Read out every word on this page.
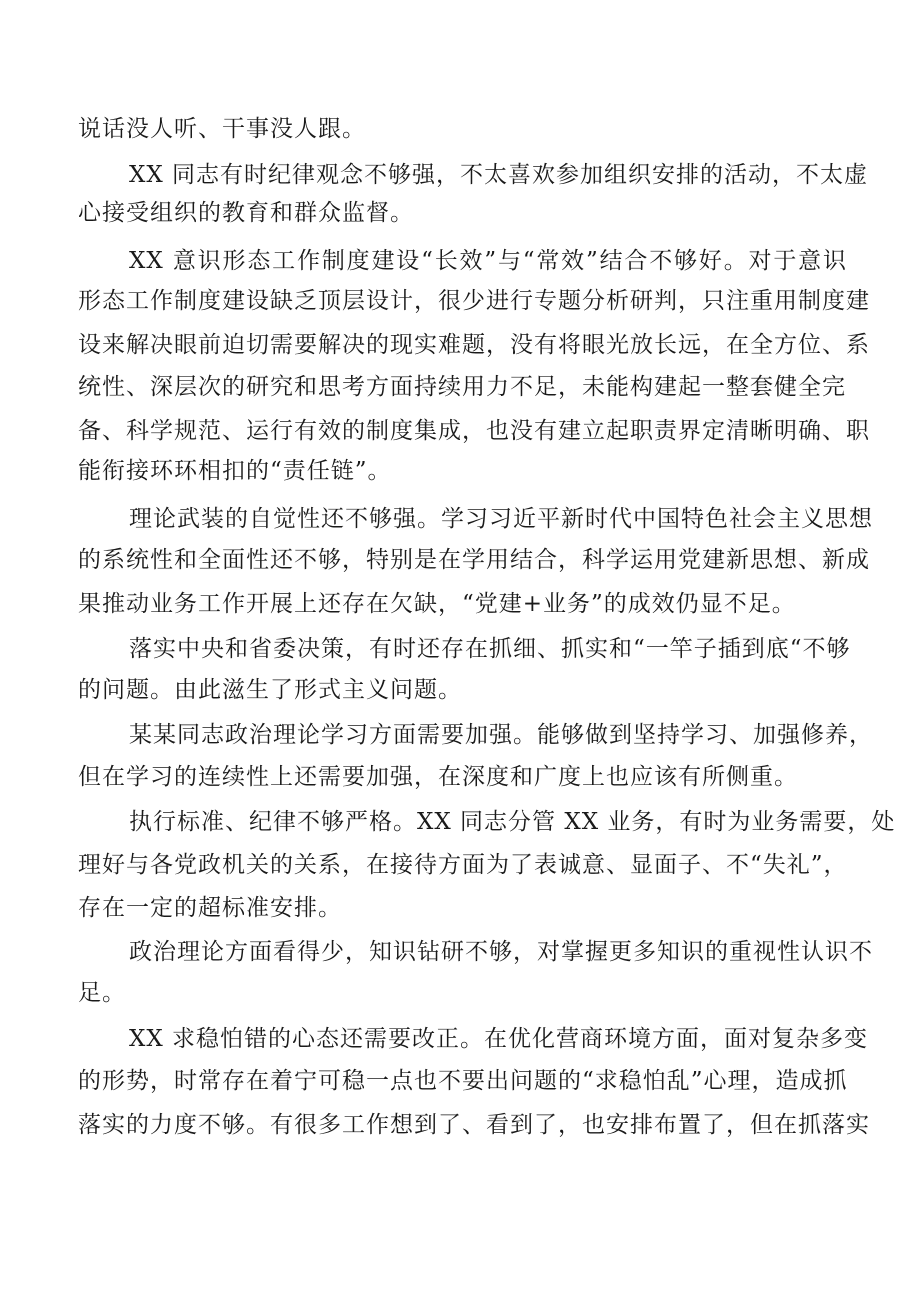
说话没人听、干事没人跟。
XX 同志有时纪律观念不够强，不太喜欢参加组织安排的活动，不太虚
心接受组织的教育和群众监督。
XX 意识形态工作制度建设“长效”与“常效”结合不够好。对于意识
形态工作制度建设缺乏顶层设计，很少进行专题分析研判，只注重用制度建
设来解决眼前迫切需要解决的现实难题，没有将眼光放长远，在全方位、系
统性、深层次的研究和思考方面持续用力不足，未能构建起一整套健全完
备、科学规范、运行有效的制度集成，也没有建立起职责界定清晰明确、职
能衔接环环相扣的“责任链”。
理论武装的自觉性还不够强。学习习近平新时代中国特色社会主义思想
的系统性和全面性还不够，特别是在学用结合，科学运用党建新思想、新成
果推动业务工作开展上还存在欠缺，“党建+业务”的成效仍显不足。
落实中央和省委决策，有时还存在抓细、抓实和“一竿子插到底“不够
的问题。由此滋生了形式主义问题。
某某同志政治理论学习方面需要加强。能够做到坚持学习、加强修养，
但在学习的连续性上还需要加强，在深度和广度上也应该有所侧重。
执行标准、纪律不够严格。XX 同志分管 XX 业务，有时为业务需要，处
理好与各党政机关的关系，在接待方面为了表诚意、显面子、不“失礼”，
存在一定的超标准安排。
政治理论方面看得少，知识钻研不够，对掌握更多知识的重视性认识不
足。
XX 求稳怕错的心态还需要改正。在优化营商环境方面，面对复杂多变
的形势，时常存在着宁可稳一点也不要出问题的“求稳怕乱”心理，造成抓
落实的力度不够。有很多工作想到了、看到了，也安排布置了，但在抓落实
